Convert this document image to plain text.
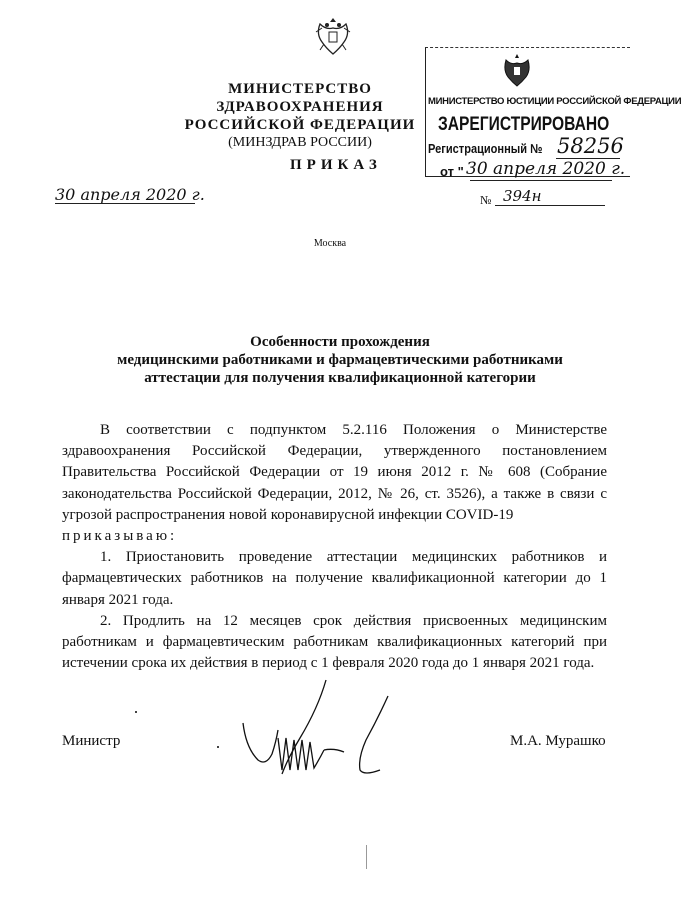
МИНИСТЕРСТВО ЗДРАВООХРАНЕНИЯ
РОССИЙСКОЙ ФЕДЕРАЦИИ
(МИНЗДРАВ РОССИИ)
МИНИСТЕРСТВО ЮСТИЦИИ РОССИЙСКОЙ ФЕДЕРАЦИИ
ЗАРЕГИСТРИРОВАНО
Регистрационный № 58256
от " 30 апреля 2020 г.
ПРИКАЗ
30 апреля 2020 г.	№ 394н
Москва
Особенности прохождения
медицинскими работниками и фармацевтическими работниками
аттестации для получения квалификационной категории

В соответствии с подпунктом 5.2.116 Положения о Министерстве здравоохранения Российской Федерации, утвержденного постановлением Правительства Российской Федерации от 19 июня 2012 г. № 608 (Собрание законодательства Российской Федерации, 2012, № 26, ст. 3526), а также в связи с угрозой распространения новой коронавирусной инфекции COVID-19

приказываю:

1. Приостановить проведение аттестации медицинских работников и фармацевтических работников на получение квалификационной категории до 1 января 2021 года.

2. Продлить на 12 месяцев срок действия присвоенных медицинским работникам и фармацевтическим работникам квалификационных категорий при истечении срока их действия в период с 1 февраля 2020 года до 1 января 2021 года.

Министр	М.А. Мурашко
